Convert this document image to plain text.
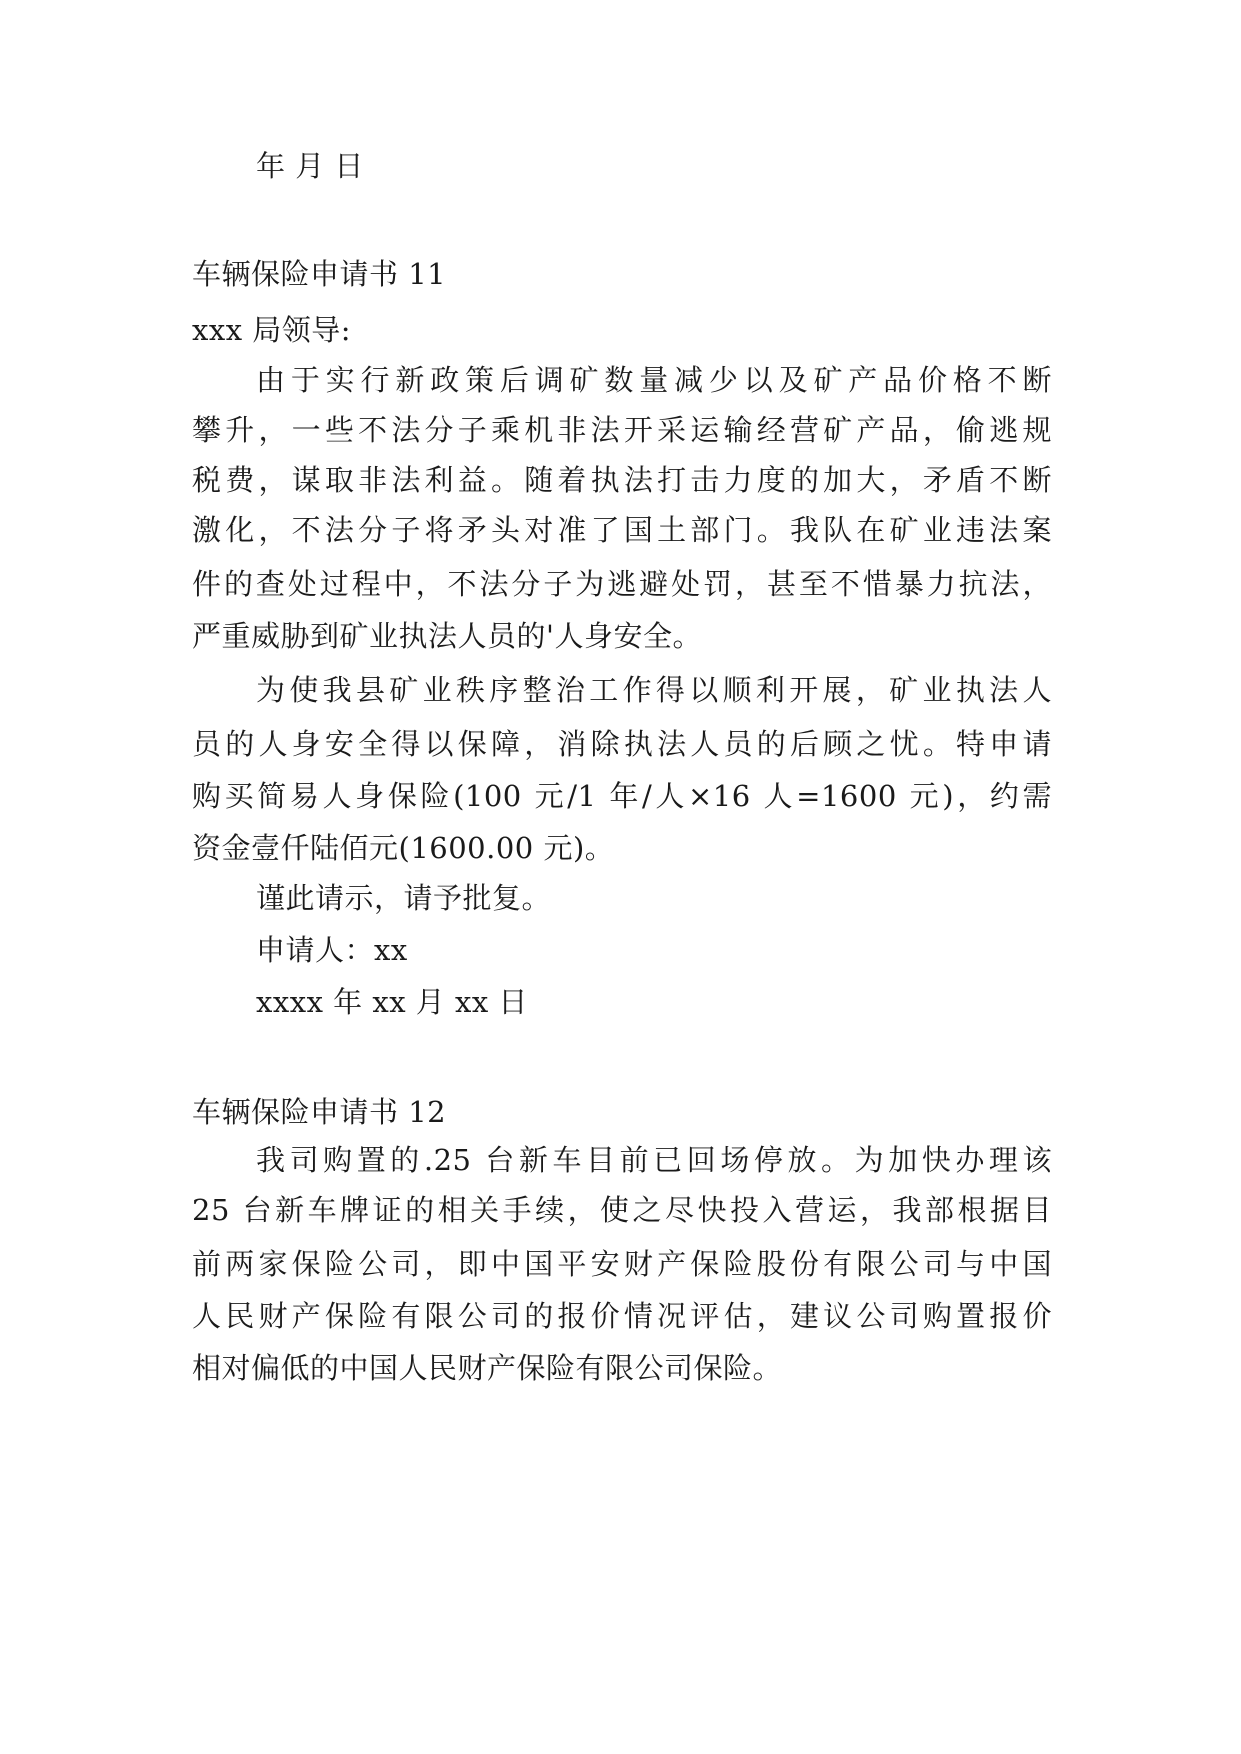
年 月 日
车辆保险申请书 11
xxx 局领导:
由于实行新政策后调矿数量减少以及矿产品价格不断
攀升，一些不法分子乘机非法开采运输经营矿产品，偷逃规
税费，谋取非法利益。随着执法打击力度的加大，矛盾不断
激化，不法分子将矛头对准了国土部门。我队在矿业违法案
件的查处过程中，不法分子为逃避处罚，甚至不惜暴力抗法，
严重威胁到矿业执法人员的'人身安全。
为使我县矿业秩序整治工作得以顺利开展，矿业执法人
员的人身安全得以保障，消除执法人员的后顾之忧。特申请
购买简易人身保险(100 元/1 年/人×16 人=1600 元)，约需
资金壹仟陆佰元(1600.00 元)。
谨此请示，请予批复。
申请人：xx
xxxx 年 xx 月 xx 日
车辆保险申请书 12
我司购置的.25 台新车目前已回场停放。为加快办理该
25 台新车牌证的相关手续，使之尽快投入营运，我部根据目
前两家保险公司，即中国平安财产保险股份有限公司与中国
人民财产保险有限公司的报价情况评估，建议公司购置报价
相对偏低的中国人民财产保险有限公司保险。
